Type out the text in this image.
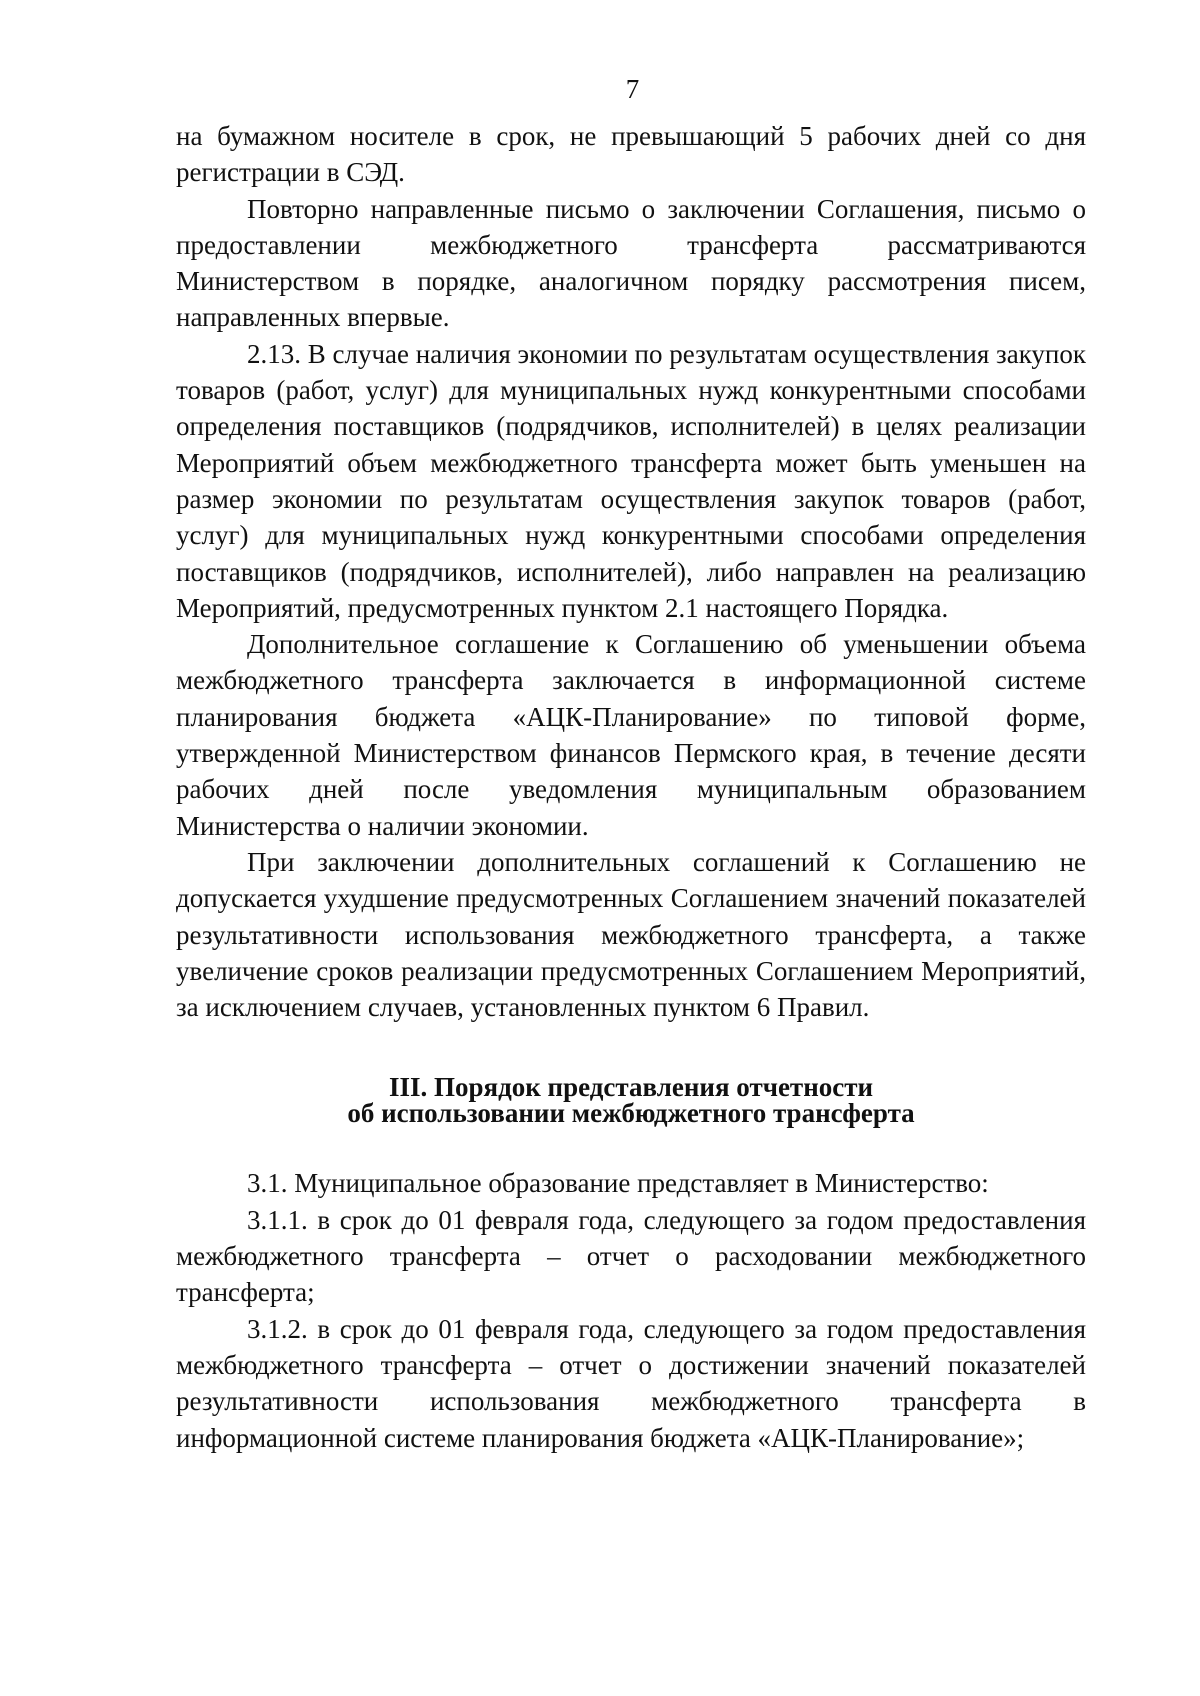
7

на бумажном носителе в срок, не превышающий 5 рабочих дней со дня регистрации в СЭД.

Повторно направленные письмо о заключении Соглашения, письмо о предоставлении межбюджетного трансферта рассматриваются Министерством в порядке, аналогичном порядку рассмотрения писем, направленных впервые.

2.13. В случае наличия экономии по результатам осуществления закупок товаров (работ, услуг) для муниципальных нужд конкурентными способами определения поставщиков (подрядчиков, исполнителей) в целях реализации Мероприятий объем межбюджетного трансферта может быть уменьшен на размер экономии по результатам осуществления закупок товаров (работ, услуг) для муниципальных нужд конкурентными способами определения поставщиков (подрядчиков, исполнителей), либо направлен на реализацию Мероприятий, предусмотренных пунктом 2.1 настоящего Порядка.

Дополнительное соглашение к Соглашению об уменьшении объема межбюджетного трансферта заключается в информационной системе планирования бюджета «АЦК-Планирование» по типовой форме, утвержденной Министерством финансов Пермского края, в течение десяти рабочих дней после уведомления муниципальным образованием Министерства о наличии экономии.

При заключении дополнительных соглашений к Соглашению не допускается ухудшение предусмотренных Соглашением значений показателей результативности использования межбюджетного трансферта, а также увеличение сроков реализации предусмотренных Соглашением Мероприятий, за исключением случаев, установленных пунктом 6 Правил.

III. Порядок представления отчетности
об использовании межбюджетного трансферта

3.1. Муниципальное образование представляет в Министерство:

3.1.1. в срок до 01 февраля года, следующего за годом предоставления межбюджетного трансферта – отчет о расходовании межбюджетного трансферта;

3.1.2. в срок до 01 февраля года, следующего за годом предоставления межбюджетного трансферта – отчет о достижении значений показателей результативности использования межбюджетного трансферта в информационной системе планирования бюджета «АЦК-Планирование»;
